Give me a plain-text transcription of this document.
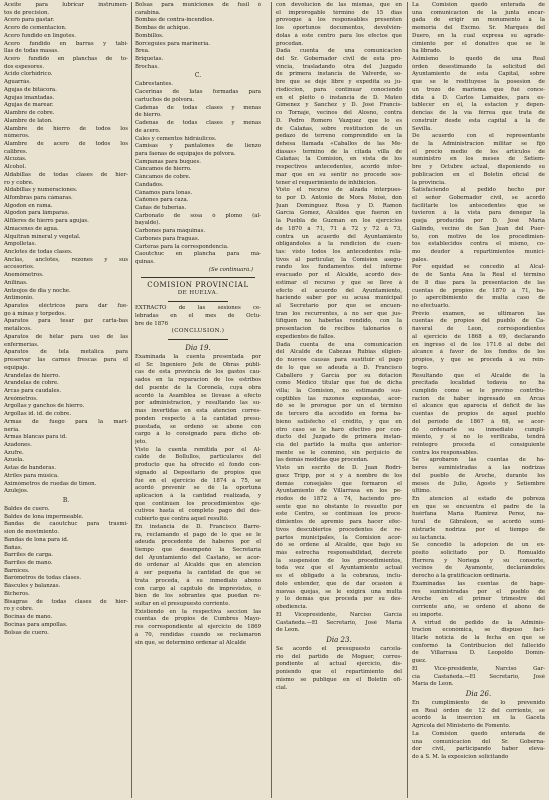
Aceite para lubricar instrumen-
tos de precision.
Acero para gastar.
Acero de cementacion.
Acero fundido en lingotes.
Acero fundido en barras y tabi-
llas de todas masas.
Acero fundido en planchas de to-
dos espesores.
Acido clorhídrico.
Aguarrás.
Agujas de bitácora.
Agujas imantadas.
Agujas de marear.
Alambre de cobre.
Alambre de laton.
Alambre de hierro de todos los
números.
Alambre de acero de todos los
calibres.
Alcuzas.
Alcohol.
Aldabillas de todas clases de hier-
ro y cobre.
Aldabillas y numeraciones.
Alfombras para cámaras.
Algodon en rama.
Algodon para lámparas.
Alfileres de hierro para agujas.
Almacenes de agua.
Alquitran mineral y vegetal.
Ampolletas.
Anclotes de todas clases.
Anclas, anclotes, rezones y sus
accesorios.
Anemómetros.
Anilinas.
Anteojos de dia y noche.
Antimonio.
Aparatos eléctricos para dar fue-
go á minas y torpedos.
Aparatos para tesar gar carta-bas
metálicos.
Aparatos de hélar para uso de las
enfermerías.
Aparatos de tela metálica para
preservar las carnes frescas para el
equipaje.
Arandelas de hierro.
Arandelas de cobre.
Arcas para caudales.
Areómetros.
Argollas y ganchos de hierro.
Argollas id. id. de cobre.
Armas de fuego para la mari-
nería.
Armas blancas para id.
Azadones.
Azufre.
Azuela.
Astas de banderas.
Atriles para música.
Aximómetros de ruedas de timon.
Azulejos.
B.
Baldes de cuero.
Baldes de lona impermeable.
Bandas de caoutchuc para trasmi-
sion de movimiento.
Bandas de lona para id.
Bañas.
Barriles de carga.
Barriles de mano.
Barnices.
Barómetros de todas clases.
Báscules y balanzas.
Bicheros.
Bisagras de todas clases de hier-
ro y cobre.
Bocinas de mano.
Bocinas para ampollas.
Bolsas de cuero.
Bolsas para municiones de fusil ó
carabina.
Bombas de contra-incendios.
Bombas de achique.
Bombillos.
Borceguíes para marinería.
Brea.
Briquetas.
Brochas.
C.
Cabrestantes.
Cacerinas de latas formadas para
cartuchos de pólvora.
Cadenas de todas clases y menas
de hierro.
Cadenas de todas clases y menas
de acero.
Cales y cementos hidráulicos.
Camisas y pantalones de lienzo
para faenas de equipajes de pólvora.
Campanas para buques.
Cáncamos de hierro.
Cáncamos de cobre.
Candados.
Cánamos para lonas.
Cañones para caza.
Cañas de tuberías.
Carbonato de sosa ó plomo (al-
bayalde).
Carbones para máquinas.
Carbones para fraguas.
Carteras para la correspondencia.
Caoutchuc en plancha para má-
quinas.
(Se continuará.)
COMISION PROVINCIAL
DE HUELVA.
EXTRACTO de las sesiones ce-
lebradas en el mes de Octu-
bre de 1876
(CONCLUSION.)
Dia 19.
Examinada la cuenta presentada por
el Sr. Ingeniero Jefe de Obras públi-
cas de esta provincia de los gastos cau-
sados en la reparacion de los estribos
del puente de la Coronela, cuya obra
acordó la Asamblea se llevase á efecto
por administracion, y resultando las su-
mas invertidas en esta atencion corres-
ponden respecto á la cantidad presu-
puestada, se ordenó se abone con
cargo á lo consignado para dicho ob-
jeto.
Visto la cuenta remitida por el Al-
calde de Bollullos, particulares del
producto que ha ofrecido el fondo con-
signado al Depositario de propios que
fué en el ejercicio de 1874 á 75, se
acordó prevenir se dé la oportuna
aplicacion á la cantidad realizada, y
que continúen los procedimientos eje-
cutivos hasta el completo pago del des-
cubierto que contra aquel resultó.
En instancia de D. Francisco Barre-
ra, reclamando el pago de lo que se le
adeuda procedente de haberes por el
tiempo que desempeñó la Secretaría
del Ayuntamiento del Castaño, se acor-
dó ordenar al Alcalde que en atencion
á ser pequeña la cantidad de que se
trata proceda, á su inmediato abono
con cargo al capítulo de imprevistos, ó
bien de los sobrantes que puedan re-
sultar en el presupuesto corriente.
Existiendo en la respectiva seccion las
cuentas de propios de Cumbres Mayo-
res correspondiente al ejercicio de 1869
á 70, rendidas cuando se reclamaron
sin que, se determinó ordenar al Alcalde
con devolucion de las mismas, que en
el improrogable término de 15 días
provoque á los responsables presenten
los oportunos documentos, devolvién-
dolas á este centro para los efectos que
procedan.
Dada cuenta de una comunicacion
del Sr. Gobernador civil de esta pro-
vincia, trasladando otra del Juzgado
de primera instancia de Valverde, so-
bre que se deje libre y expedita su ju-
risdiccion, para continuar conociendo
en el pleito ó instancia de D. Mateo
Gimenez y Sanchez y D. José Francis-
co Tornaje, vecinos del Alosno, contra
D. Pedro Romero Vazquez que lo es
de Calañas, sobre restitucion de un
pedazo de terreno comprendido en la
dehesa llamada «Caballos de las Me-
diasas» termino de la citada villa de
Calañas; la Comision, en vista de los
respectivos antecedentes, acordó infor-
mar que en su sentir no procede sos-
tener el requerimiento de inhibicion.
Visto el recurso de alzada interpues-
to por D. Antonio de Mora Moisé, don
Juan Domínguez Rosa y D. Ramon
García Gomez, Alcaldes que fueron en
la Puebla de Guzman en los ejercicios
de 1870 á 71, 71 á 72 y 72 á 73,
contra un acuerdo del Ayuntamiento
obligándoles á la rendicion de cuen-
tas: visto todos los antecedentes rela-
tivos al particular, la Comision asegu-
rando los fundamentos del informe
evacuado por el Alcalde, acordó des-
estimar el recurso y que se lleve á
efecto el acuerdo del Ayuntamiento,
haciendo saber por su acusa municipal
al Secretario por que se encuen-
tran los recurrentes, á no ser que jus-
tifiquen no haberlas rendido, con la
presentacion de recibos talonarios ó
expedientes de fallos.
Dada cuenta de una comunicacion
del Alcalde de Cabezas Rubias eligien-
do nuevos causas para sustituir el pago
de lo que se adeuda á D. Francisco
Caballero y García por su dotacion
como Médico titular que fué de dicha
villa; la Comision, no estimando sus-
ceptibles las razones expuestas, acor-
dó se le prorogue por un el término
de tercero dia accedido en forma ba-
bieno satisfecho el crédito, y que en
otro caso se le haró efectivo por con-
ducto del Juzgado de primera instan-
cia del partido la multa que anterior-
mente se le conminó, sin perjuicio de
las demás medidas que procedan.
Visto un escrito de D. Juan Rodrí-
guez Tripp, por sí y á nombre de los
demás consejales que formaron el
Ayuntamiento de Villarrasa en los pe-
ríodos de 1872 á 74, haciendo pre-
sente que no obstante lo resuelto por
este Centro, se continuan los proce-
dimientos de apremio para hacer efec-
tivos descubiertos procedentes de re-
partos municipales, la Comision acor-
dó se ordene al Alcalde, que bajo su
más estrecha responsabilidad, decrete
la suspension de los procedimientos,
toda vez que el Ayuntamiento actual
es el obligado á la cobranza, inclu-
dolo entender, que de dar ocasion á
nuevas quejas, se le exigirá una multa
y lo demás que proceda por su des-
obediencia.
El Vicepresidente, Narciso García
Castañeda.—El Secretario, José María
de Leon.
Dia 23.
Se acordó el presupuesto carcela-
rio del partido de Moguer, corres-
pondiente al actual ejercicio, dis-
poniendo que el repartimiento del
mismo se publique en el Boletin ofi-
cial.
La Comision quedó enterada de
una comunicacion de la junta encar-
gada de erigir un monumento á la
memoria del Excmo. Sr. Marqués del
Duero, en la cual expresa su agrade-
cimiento por el donativo que se le
ha librado.
Asimismo lo quedó de una Real
órden desestimando la solicitud del
Ayuntamiento de esta Capital, sobre
que se le restituyese la posesion de
un trozo de marisma que fué conce-
dida á D. Carlos Lamaides, para es-
tablecer en él, la estacion y depen-
dencias de la vía férrea que trata de
construir desde esta capital á la de
Sevilla.
De acuerdo con el representante
de la Administracion militar se fijó
el precio medio de los artículos de
suministro en los meses de Setiem-
bre y Octubre actual, disponiendo su
publicacion en el Boletín oficial de
la provincia.
Satisfaciendo al pedido hecho por
el señor Gobernador civil, se acordó
facilitarle los antecedentes que se
tuvieron á la vista para denegar la
queja producida por D. José María
Galindo, vecino de San Juan del Puer-
to, con motivo de los procedimien-
tos establecidos contra el mismo, co-
mo deudor á repartimientos munici-
pales.
Por equidad se concedió al Alcal-
de de Santa Ana la Real el término
de 8 días para la presentacion de las
cuentas de propios de 1870 á 71, ba-
jo apercibimiento de multa caso de
no efectuarlo.
Prévio examen, se ultimaron las
cuentas de propios del pueblo de Ca-
ñaveral de Leon, correspondientes
al ejercicio de 1868 á 69, declarando
en ingreso el de los 171.6 al debe del
alcance á favor de los fondos de los
propios, y que se proceda á su rein-
tegro.
Resultando que el Alcalde de la
precitada localidad todavía no ha
cumplido como se le previno contribu-
racion de haber ingresado en Arcas
el alcance que aparecía el déficit de las
cuentas de propios de aquel pueblo
del período de 1867 á 68, se acor-
dó ordenarle su inmediato cumpli-
miento, y si no lo verificaba, tendrá
reintegro proceda el consiguiente
contra los responsables.
Se aprobaron las cuentas de ha-
beres suministradas á las nodrizas
del pueblo de Aroche, durante los
meses de Julio, Agosto y Setiembre
último.
En atencion al estado de pobreza
en que se encuentra el padre de la
huérfana María Ramirez Perez, na-
tural de Gibraleon, se acordó sumi-
nistrarle nodriza por el tiempo de
su lactancia.
Se concedió la adopcion de un ex-
pósito solicitado por D. Romualdo
Herrera y Noriega y su consorte,
vecinos de Ayamonte, declarándoles
derecho á la gratificacion ordinaria.
Examinadas las cuentas de hage-
res suministradas por el pueblo de
Aroche en el primer trimestre del
corriente año, se ordenó el abono de
su importe.
A virtud de pedido de la Adminis-
tracion económica, se dispuso faci-
litarle noticia de la fecha en que se
conformó la Contribucion del fallecido
de Villarrasa D. Leopoldo Domín-
guez.
El Vice-presidente, Narciso Gar-
cía Castañeda.—El Secretario, José
María de Leon.
Dia 26.
En cumplimiento de lo prevenido
en Real órden de 12 del corriente, se
acordó la insercion en la Gaceta
Agrícola del Ministerio de Fomento.
La Comision quedó enterada de
una comunicacion del Sr. Goberna-
dor civil, participando haber eleva-
do á S. M. la exposicion solicitando
